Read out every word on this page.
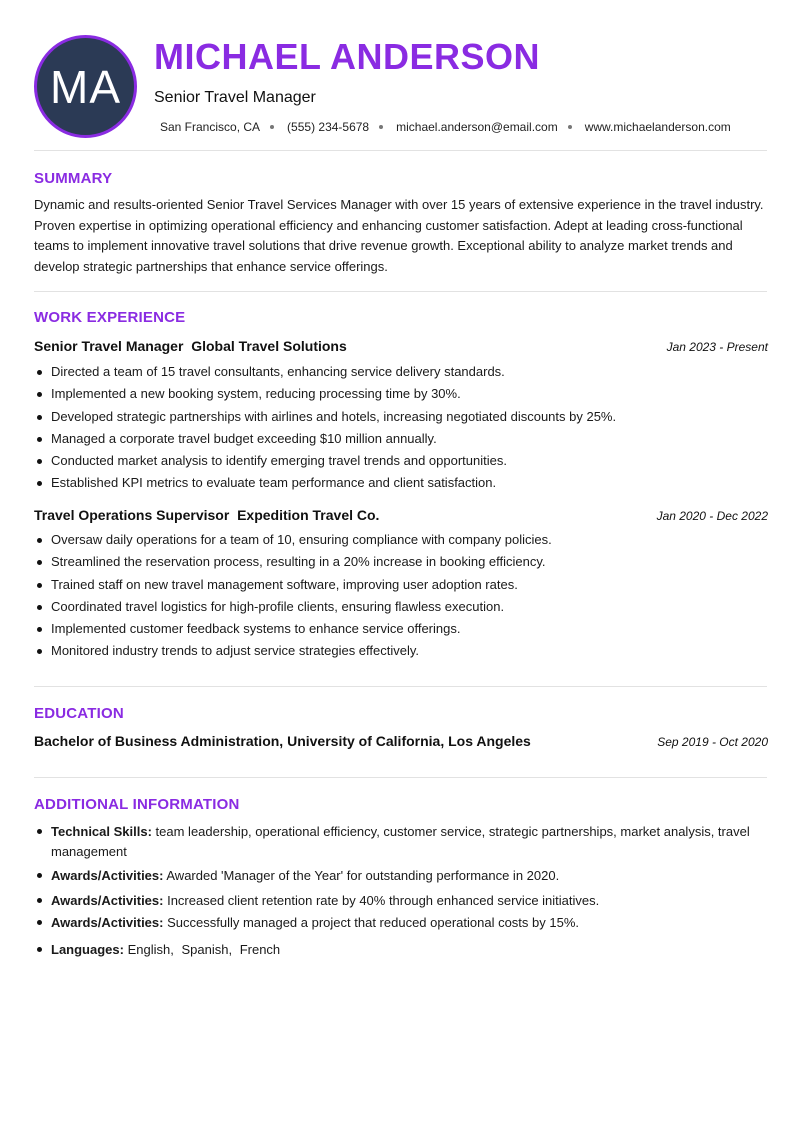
MA
MICHAEL ANDERSON
Senior Travel Manager
San Francisco, CA (555) 234-5678 michael.anderson@email.com www.michaelanderson.com
SUMMARY
Dynamic and results-oriented Senior Travel Services Manager with over 15 years of extensive experience in the travel industry. Proven expertise in optimizing operational efficiency and enhancing customer satisfaction. Adept at leading cross-functional teams to implement innovative travel solutions that drive revenue growth. Exceptional ability to analyze market trends and develop strategic partnerships that enhance service offerings.
WORK EXPERIENCE
Senior Travel Manager Global Travel Solutions	Jan 2023 - Present
Directed a team of 15 travel consultants, enhancing service delivery standards.
Implemented a new booking system, reducing processing time by 30%.
Developed strategic partnerships with airlines and hotels, increasing negotiated discounts by 25%.
Managed a corporate travel budget exceeding $10 million annually.
Conducted market analysis to identify emerging travel trends and opportunities.
Established KPI metrics to evaluate team performance and client satisfaction.
Travel Operations Supervisor Expedition Travel Co.	Jan 2020 - Dec 2022
Oversaw daily operations for a team of 10, ensuring compliance with company policies.
Streamlined the reservation process, resulting in a 20% increase in booking efficiency.
Trained staff on new travel management software, improving user adoption rates.
Coordinated travel logistics for high-profile clients, ensuring flawless execution.
Implemented customer feedback systems to enhance service offerings.
Monitored industry trends to adjust service strategies effectively.
EDUCATION
Bachelor of Business Administration, University of California, Los Angeles	Sep 2019 - Oct 2020
ADDITIONAL INFORMATION
Technical Skills: team leadership, operational efficiency, customer service, strategic partnerships, market analysis, travel management
Awards/Activities: Awarded 'Manager of the Year' for outstanding performance in 2020.
Awards/Activities: Increased client retention rate by 40% through enhanced service initiatives.
Awards/Activities: Successfully managed a project that reduced operational costs by 15%.
Languages: English, Spanish, French
